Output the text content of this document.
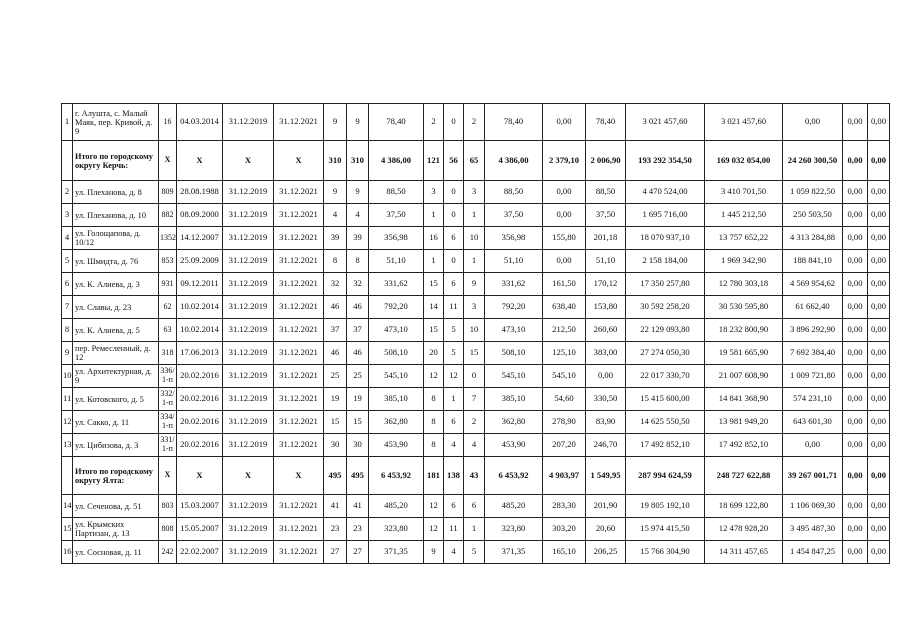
1	г. Алушта, с. Малый Маяк, пер. Кривой, д. 9	16	04.03.2014	31.12.2019	31.12.2021	9	9	78,40	2	0	2	78,40	0,00	78,40	3 021 457,60	3 021 457,60	0,00	0,00	0,00
	Итого по городскому округу Керчь:	X	X	X	X	310	310	4 386,00	121	56	65	4 386,00	2 379,10	2 006,90	193 292 354,50	169 032 054,00	24 260 300,50	0,00	0,00
2	ул. Плеханова, д. 8	809	28.08.1988	31.12.2019	31.12.2021	9	9	88,50	3	0	3	88,50	0,00	88,50	4 470 524,00	3 410 701,50	1 059 822,50	0,00	0,00
3	ул. Плеханова, д. 10	882	08.09.2000	31.12.2019	31.12.2021	4	4	37,50	1	0	1	37,50	0,00	37,50	1 695 716,00	1 445 212,50	250 503,50	0,00	0,00
4	ул. Голощапова, д. 10/12	1352	14.12.2007	31.12.2019	31.12.2021	39	39	356,98	16	6	10	356,98	155,80	201,18	18 070 937,10	13 757 652,22	4 313 284,88	0,00	0,00
5	ул. Шмидта, д. 76	853	25.09.2009	31.12.2019	31.12.2021	8	8	51,10	1	0	1	51,10	0,00	51,10	2 158 184,00	1 969 342,90	188 841,10	0,00	0,00
6	ул. К. Алиева, д. 3	931	09.12.2011	31.12.2019	31.12.2021	32	32	331,62	15	6	9	331,62	161,50	170,12	17 350 257,80	12 780 303,18	4 569 954,62	0,00	0,00
7	ул. Славы, д. 23	62	10.02.2014	31.12.2019	31.12.2021	46	46	792,20	14	11	3	792,20	638,40	153,80	30 592 258,20	30 530 595,80	61 662,40	0,00	0,00
8	ул. К. Алиева, д. 5	63	10.02.2014	31.12.2019	31.12.2021	37	37	473,10	15	5	10	473,10	212,50	260,60	22 129 093,80	18 232 800,90	3 896 292,90	0,00	0,00
9	пер. Ремесленный, д. 12	318	17.06.2013	31.12.2019	31.12.2021	46	46	508,10	20	5	15	508,10	125,10	383,00	27 274 050,30	19 581 665,90	7 692 384,40	0,00	0,00
10	ул. Архитектурная, д. 9	336/ 1-п	20.02.2016	31.12.2019	31.12.2021	25	25	545,10	12	12	0	545,10	545,10	0,00	22 017 330,70	21 007 608,90	1 009 721,80	0,00	0,00
11	ул. Котовского, д. 5	332/ 1-п	20.02.2016	31.12.2019	31.12.2021	19	19	385,10	8	1	7	385,10	54,60	330,50	15 415 600,00	14 841 368,90	574 231,10	0,00	0,00
12	ул. Сакко, д. 11	334/ 1-п	20.02.2016	31.12.2019	31.12.2021	15	15	362,80	8	6	2	362,80	278,90	83,90	14 625 550,50	13 981 949,20	643 601,30	0,00	0,00
13	ул. Цибизова, д. 3	331/ 1-п	20.02.2016	31.12.2019	31.12.2021	30	30	453,90	8	4	4	453,90	207,20	246,70	17 492 852,10	17 492 852,10	0,00	0,00	0,00
	Итого по городскому округу Ялта:	X	X	X	X	495	495	6 453,92	181	138	43	6 453,92	4 903,97	1 549,95	287 994 624,59	248 727 622,88	39 267 001,71	0,00	0,00
14	ул. Сеченова, д. 51	803	15.03.2007	31.12.2019	31.12.2021	41	41	485,20	12	6	6	485,20	283,30	201,90	19 805 192,10	18 699 122,80	1 106 069,30	0,00	0,00
15	ул. Крымских Партизан, д. 13	808	15.05.2007	31.12.2019	31.12.2021	23	23	323,80	12	11	1	323,80	303,20	20,60	15 974 415,50	12 478 928,20	3 495 487,30	0,00	0,00
16	ул. Сосновая, д. 11	242	22.02.2007	31.12.2019	31.12.2021	27	27	371,35	9	4	5	371,35	165,10	206,25	15 766 304,90	14 311 457,65	1 454 847,25	0,00	0,00
